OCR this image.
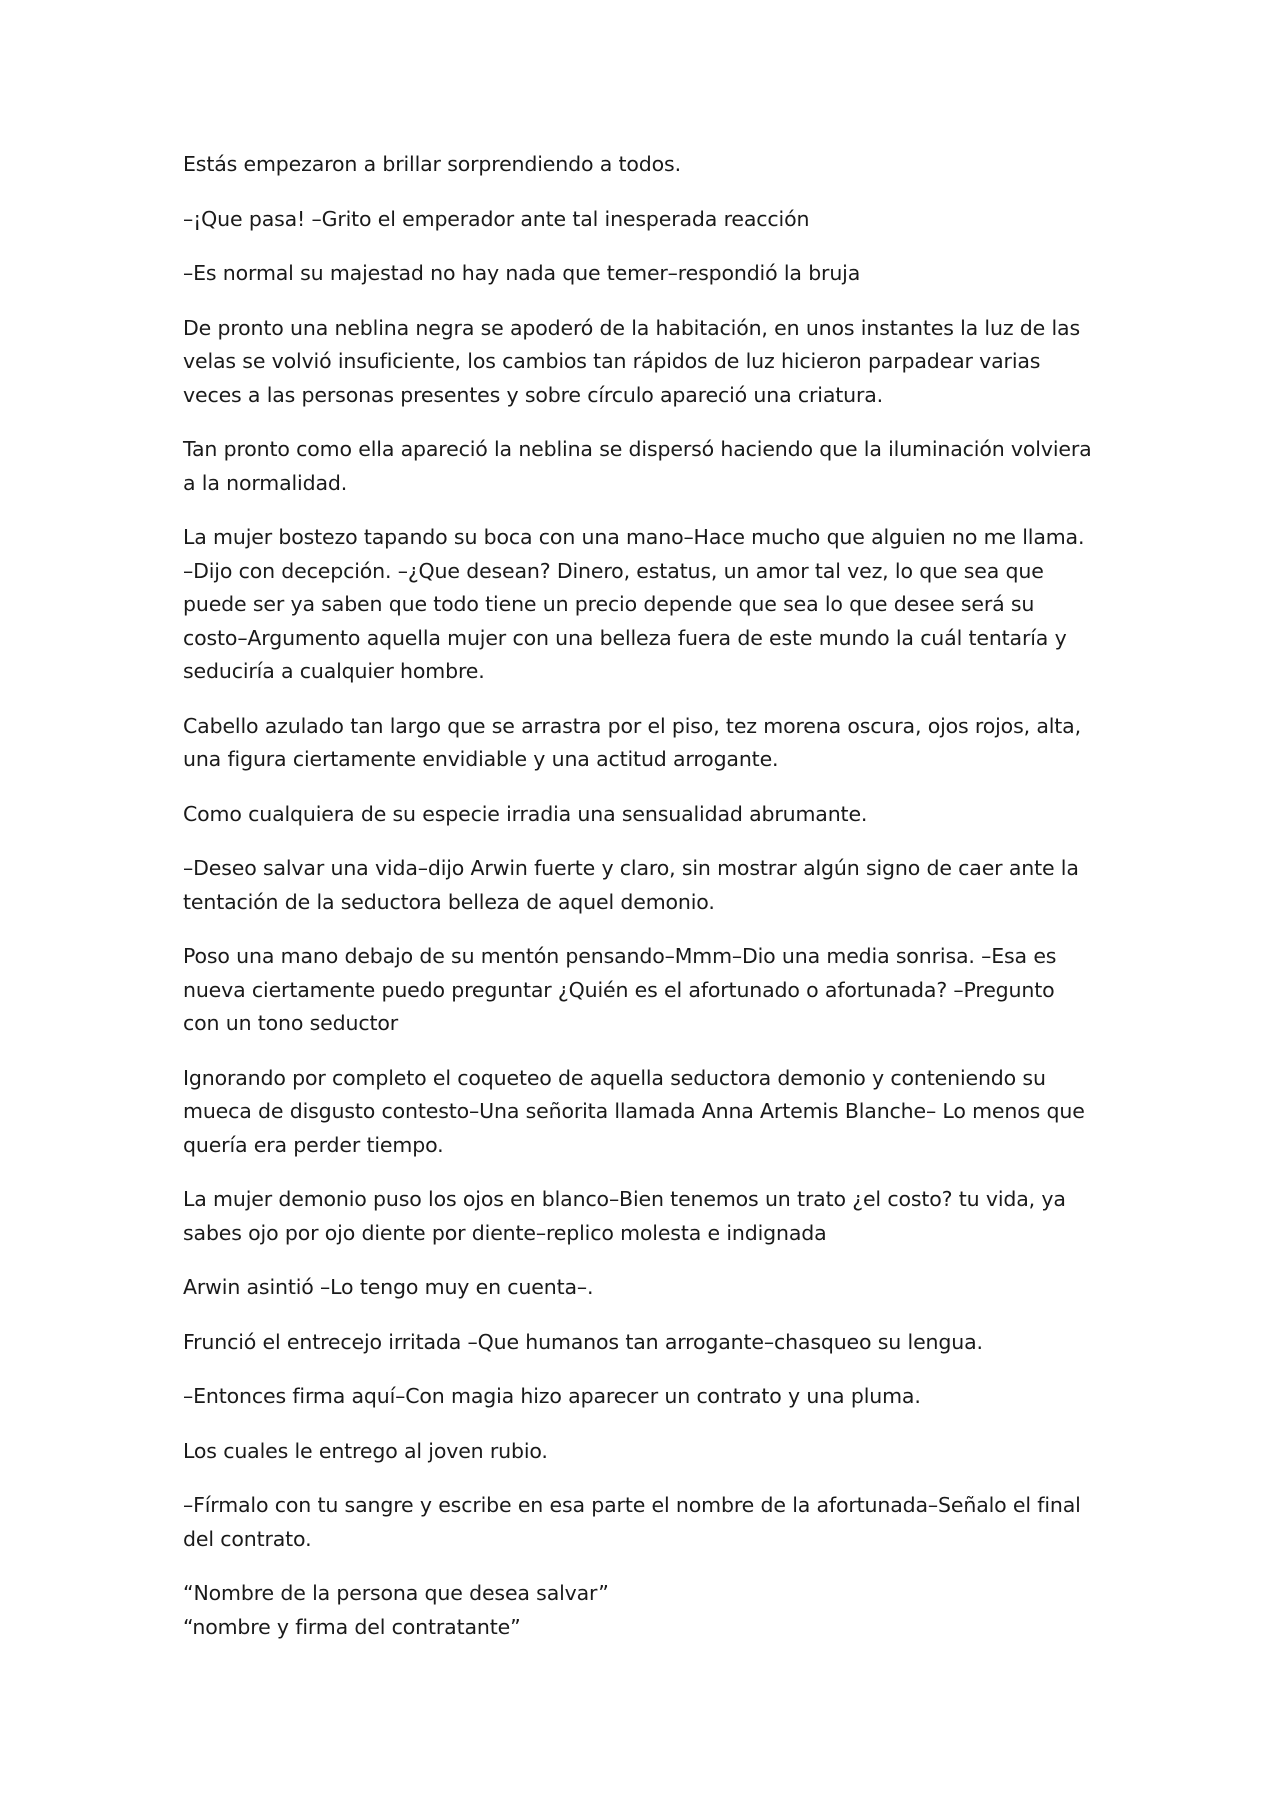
Estás empezaron a brillar sorprendiendo a todos.

–¡Que pasa! –Grito el emperador ante tal inesperada reacción

–Es normal su majestad no hay nada que temer–respondió la bruja

De pronto una neblina negra se apoderó de la habitación, en unos instantes la luz de las velas se volvió insuficiente, los cambios tan rápidos de luz hicieron parpadear varias veces a las personas presentes y sobre círculo apareció una criatura.

Tan pronto como ella apareció la neblina se dispersó haciendo que la iluminación volviera a la normalidad.

La mujer bostezo tapando su boca con una mano–Hace mucho que alguien no me llama. –Dijo con decepción. –¿Que desean? Dinero, estatus, un amor tal vez, lo que sea que puede ser ya saben que todo tiene un precio depende que sea lo que desee será su costo–Argumento aquella mujer con una belleza fuera de este mundo la cuál tentaría y seduciría a cualquier hombre.

Cabello azulado tan largo que se arrastra por el piso, tez morena oscura, ojos rojos, alta, una figura ciertamente envidiable y una actitud arrogante.

Como cualquiera de su especie irradia una sensualidad abrumante.

–Deseo salvar una vida–dijo Arwin fuerte y claro, sin mostrar algún signo de caer ante la tentación de la seductora belleza de aquel demonio.

Poso una mano debajo de su mentón pensando–Mmm–Dio una media sonrisa. –Esa es nueva ciertamente puedo preguntar ¿Quién es el afortunado o afortunada? –Pregunto con un tono seductor

Ignorando por completo el coqueteo de aquella seductora demonio y conteniendo su mueca de disgusto contesto–Una señorita llamada Anna Artemis Blanche– Lo menos que quería era perder tiempo.

La mujer demonio puso los ojos en blanco–Bien tenemos un trato ¿el costo? tu vida, ya sabes ojo por ojo diente por diente–replico molesta e indignada

Arwin asintió –Lo tengo muy en cuenta–.

Frunció el entrecejo irritada –Que humanos tan arrogante–chasqueo su lengua.

–Entonces firma aquí–Con magia hizo aparecer un contrato y una pluma.

Los cuales le entrego al joven rubio.

–Fírmalo con tu sangre y escribe en esa parte el nombre de la afortunada–Señalo el final del contrato.

“Nombre de la persona que desea salvar”

“nombre y firma del contratante”
